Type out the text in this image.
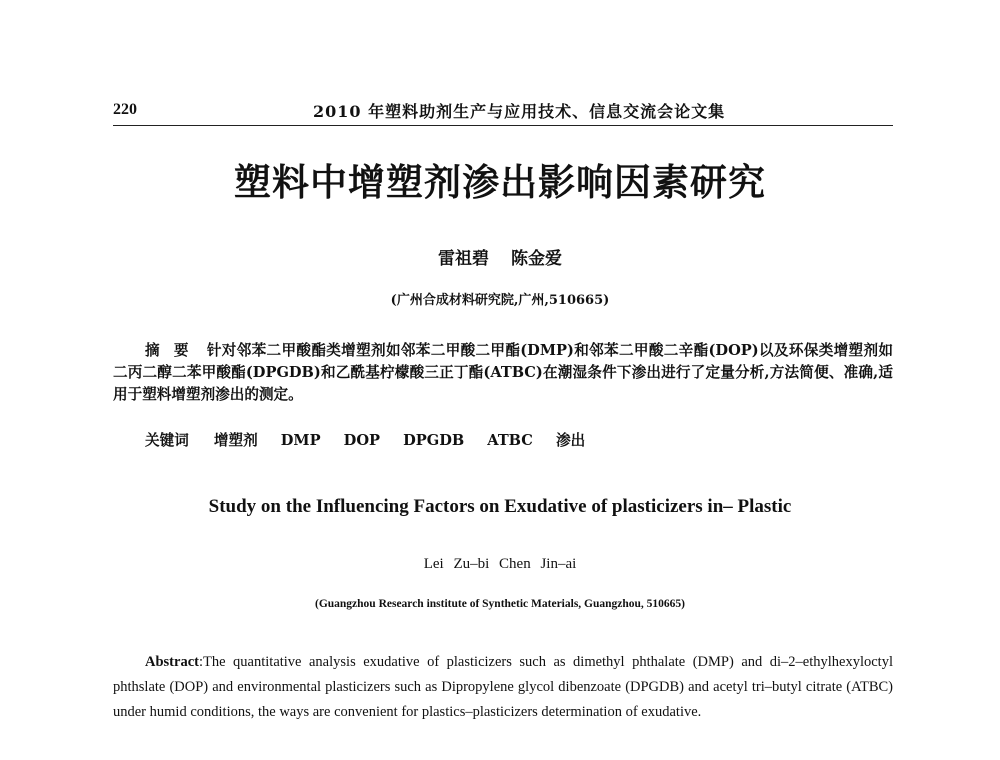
220	2010 年塑料助剂生产与应用技术、信息交流会论文集
塑料中增塑剂渗出影响因素研究
雷祖碧 陈金爱
(广州合成材料研究院,广州,510665)
摘要 针对邻苯二甲酸酯类增塑剂如邻苯二甲酸二甲酯(DMP)和邻苯二甲酸二辛酯(DOP)以及环保类增塑剂如二丙二醇二苯甲酸酯(DPGDB)和乙酰基柠檬酸三正丁酯(ATBC)在潮湿条件下渗出进行了定量分析,方法简便、准确,适用于塑料增塑剂渗出的测定。
关键词 增塑剂 DMP DOP DPGDB ATBC 渗出
Study on the Influencing Factors on Exudative of plasticizers in– Plastic
Lei Zu–bi Chen Jin–ai
(Guangzhou Research institute of Synthetic Materials, Guangzhou, 510665)
Abstract:The quantitative analysis exudative of plasticizers such as dimethyl phthalate (DMP) and di–2–ethylhexyloctyl phthslate (DOP) and environmental plasticizers such as Dipropylene glycol dibenzoate (DPGDB) and acetyl tri–butyl citrate (ATBC) under humid conditions, the ways are convenient for plastics–plasticizers determination of exudative.
